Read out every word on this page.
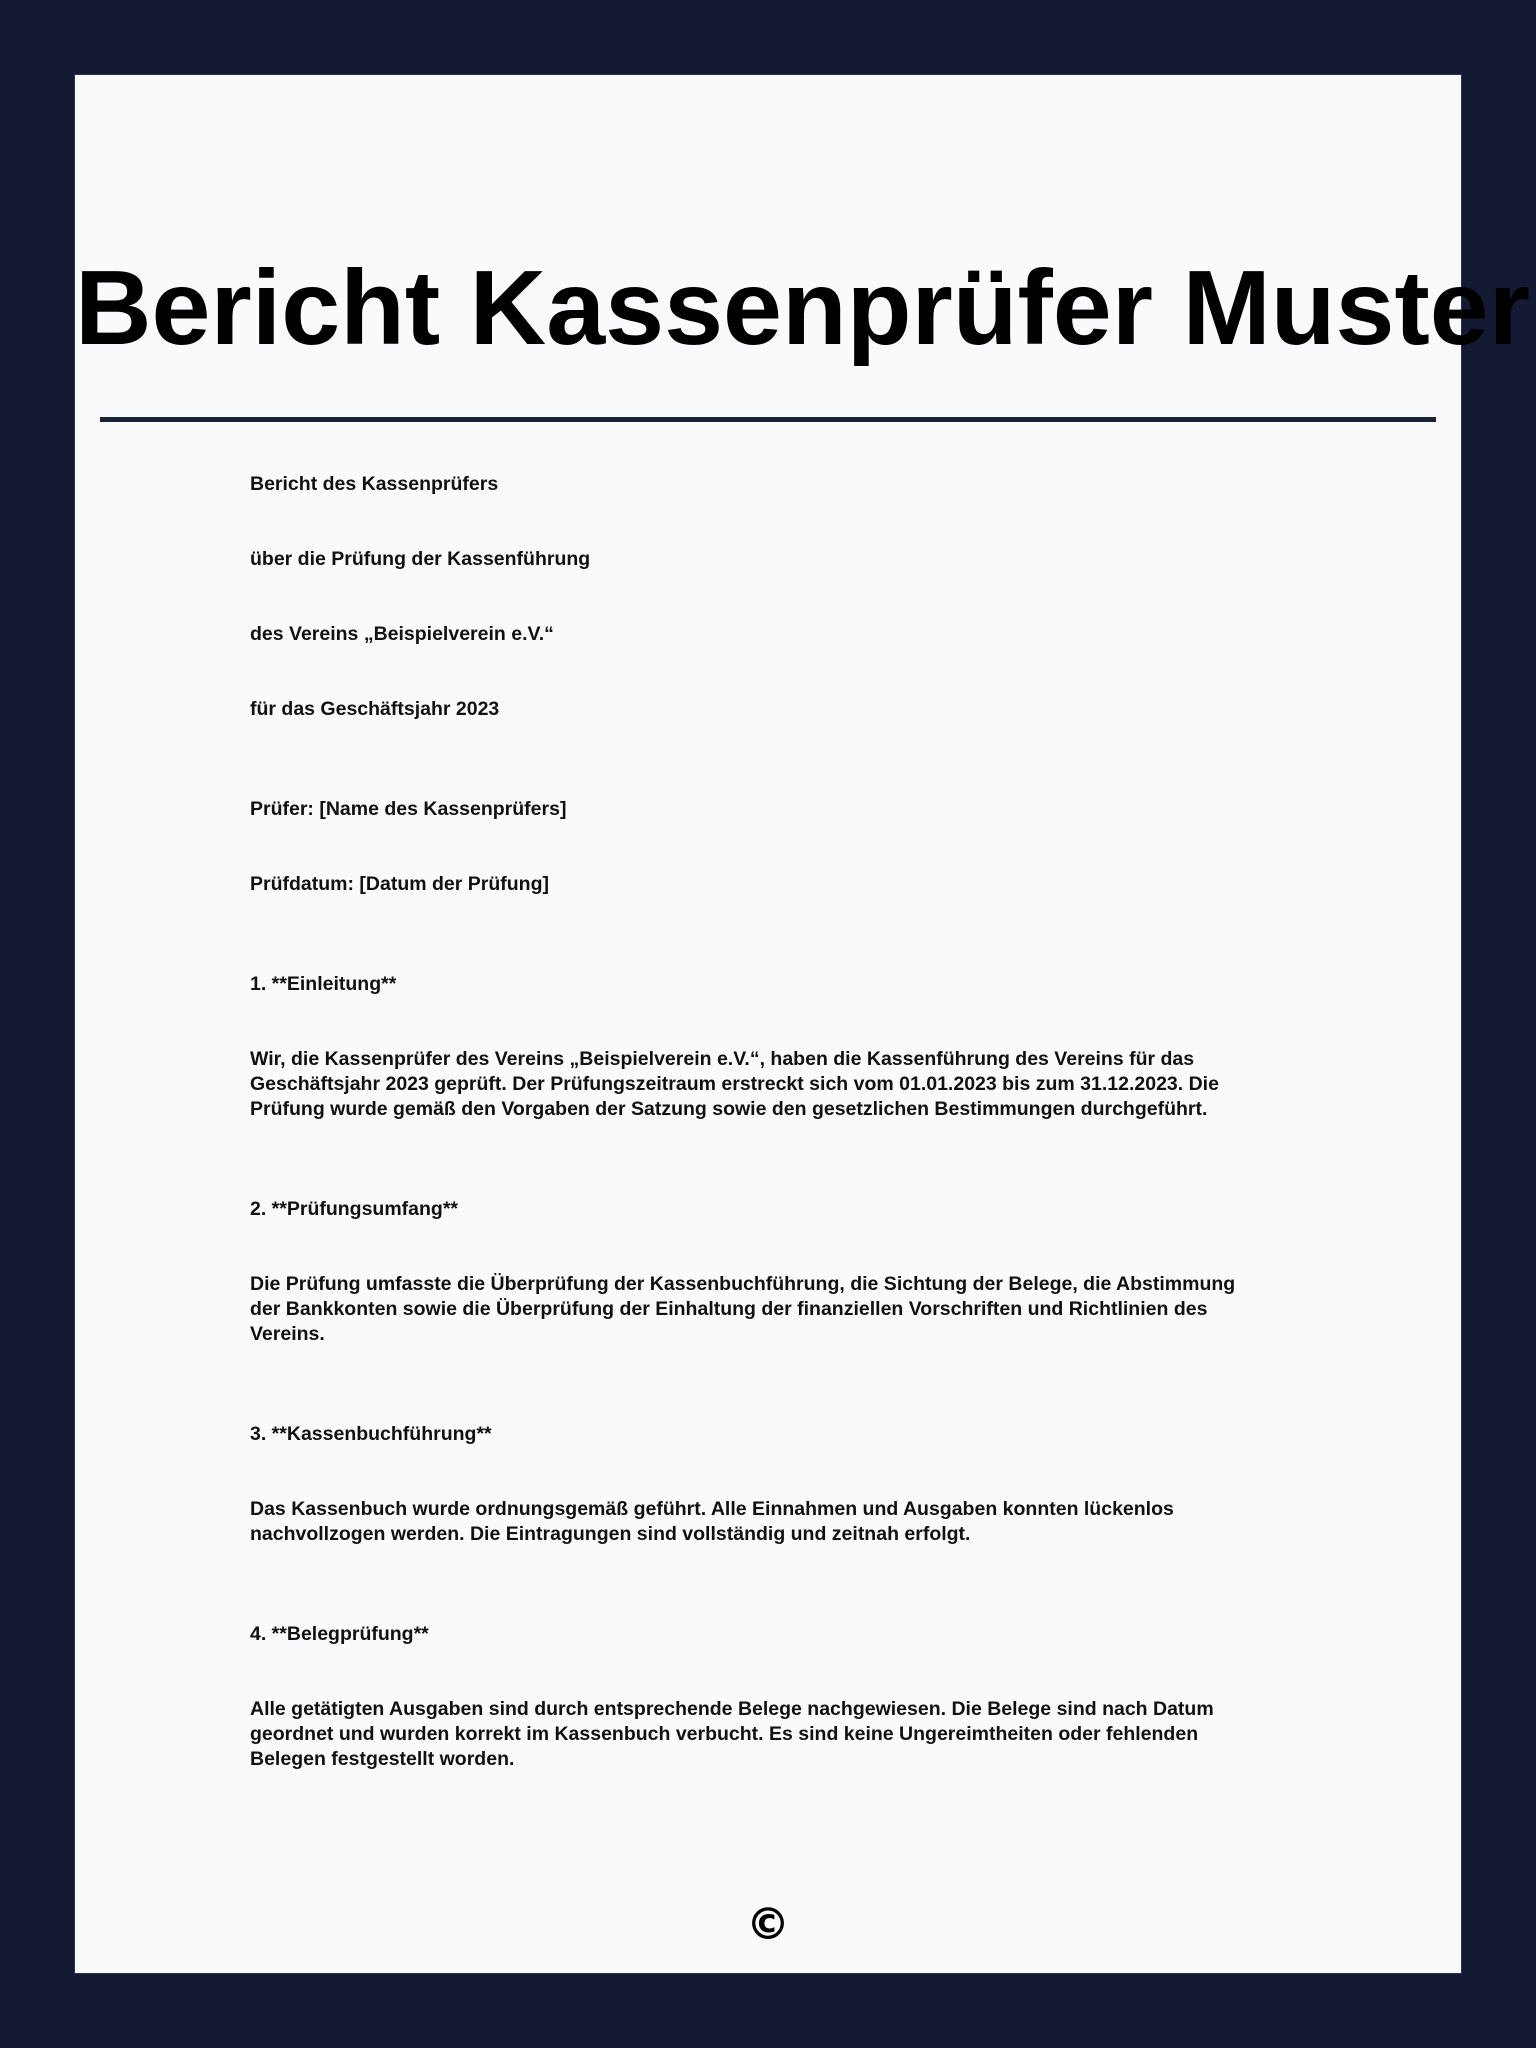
Bericht Kassenprüfer Muster

Bericht des Kassenprüfers

über die Prüfung der Kassenführung

des Vereins „Beispielverein e.V.“

für das Geschäftsjahr 2023

Prüfer: [Name des Kassenprüfers]

Prüfdatum: [Datum der Prüfung]

1. **Einleitung**

Wir, die Kassenprüfer des Vereins „Beispielverein e.V.“, haben die Kassenführung des Vereins für das Geschäftsjahr 2023 geprüft. Der Prüfungszeitraum erstreckt sich vom 01.01.2023 bis zum 31.12.2023. Die Prüfung wurde gemäß den Vorgaben der Satzung sowie den gesetzlichen Bestimmungen durchgeführt.

2. **Prüfungsumfang**

Die Prüfung umfasste die Überprüfung der Kassenbuchführung, die Sichtung der Belege, die Abstimmung der Bankkonten sowie die Überprüfung der Einhaltung der finanziellen Vorschriften und Richtlinien des Vereins.

3. **Kassenbuchführung**

Das Kassenbuch wurde ordnungsgemäß geführt. Alle Einnahmen und Ausgaben konnten lückenlos nachvollzogen werden. Die Eintragungen sind vollständig und zeitnah erfolgt.

4. **Belegprüfung**

Alle getätigten Ausgaben sind durch entsprechende Belege nachgewiesen. Die Belege sind nach Datum geordnet und wurden korrekt im Kassenbuch verbucht. Es sind keine Ungereimtheiten oder fehlenden Belegen festgestellt worden.

©
